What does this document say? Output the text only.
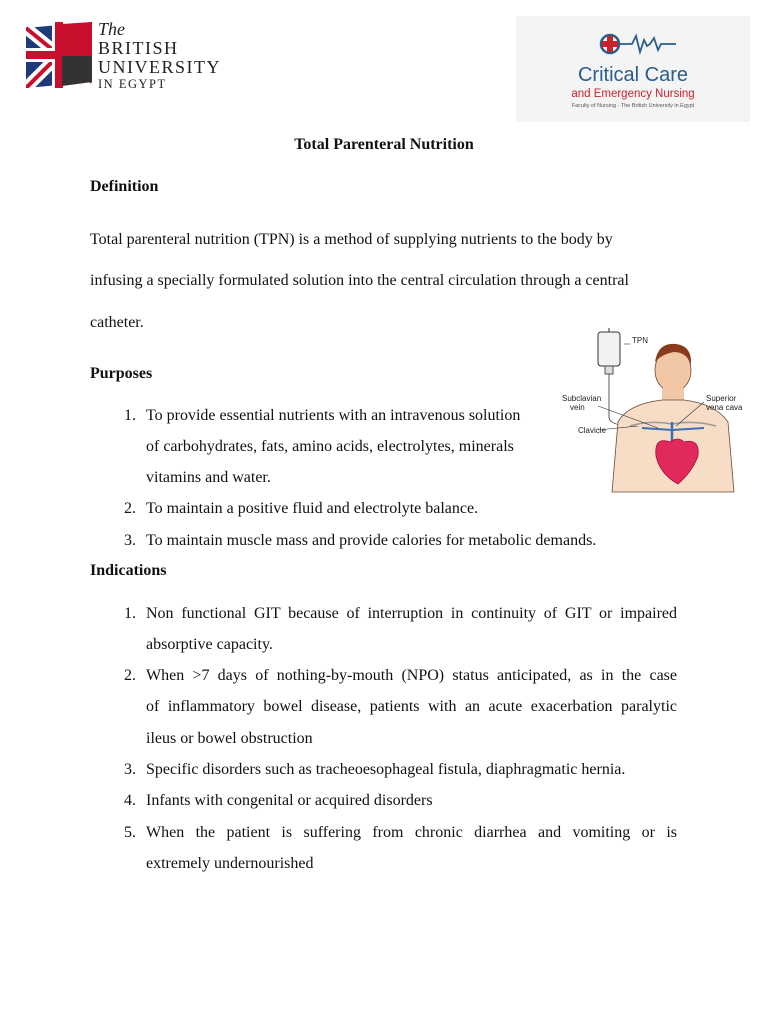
The
BRITISH
UNIVERSITY
IN EGYPT	Critical Care
and Emergency Nursing
Faculty of Nursing - The British University in Egypt
Total Parenteral Nutrition
Definition
Total parenteral nutrition (TPN) is a method of supplying nutrients to the body by
infusing a specially formulated solution into the central circulation through a central
catheter.
Purposes
1. To provide essential nutrients with an intravenous solution
of carbohydrates, fats, amino acids, electrolytes, minerals
vitamins and water.
2. To maintain a positive fluid and electrolyte balance.
3. To maintain muscle mass and provide calories for metabolic demands.
Indications
1. Non functional GIT because of interruption in continuity of GIT or impaired
absorptive capacity.
2. When >7 days of nothing-by-mouth (NPO) status anticipated, as in the case
of inflammatory bowel disease, patients with an acute exacerbation paralytic
ileus or bowel obstruction
3. Specific disorders such as tracheoesophageal fistula, diaphragmatic hernia.
4. Infants with congenital or acquired disorders
5. When the patient is suffering from chronic diarrhea and vomiting or is
extremely undernourished
TPN
Subclavian
vein
Clavicle
Superior
vena cava
